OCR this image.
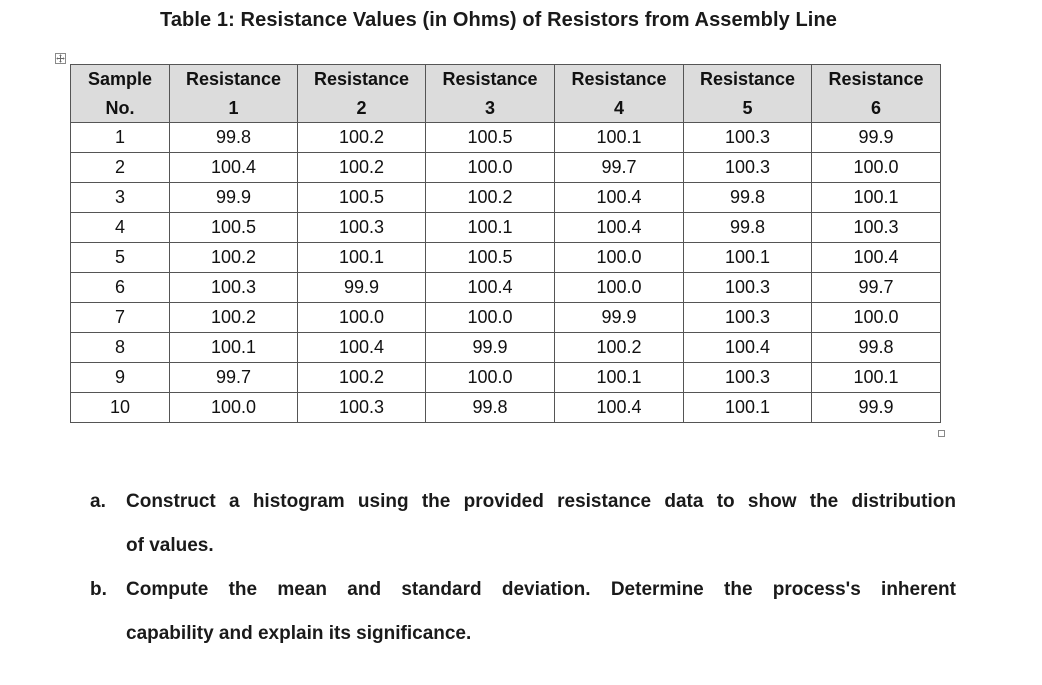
Table 1: Resistance Values (in Ohms) of Resistors from Assembly Line
Sample	Resistance	Resistance	Resistance	Resistance	Resistance	Resistance
No.	1	2	3	4	5	6
1	99.8	100.2	100.5	100.1	100.3	99.9
2	100.4	100.2	100.0	99.7	100.3	100.0
3	99.9	100.5	100.2	100.4	99.8	100.1
4	100.5	100.3	100.1	100.4	99.8	100.3
5	100.2	100.1	100.5	100.0	100.1	100.4
6	100.3	99.9	100.4	100.0	100.3	99.7
7	100.2	100.0	100.0	99.9	100.3	100.0
8	100.1	100.4	99.9	100.2	100.4	99.8
9	99.7	100.2	100.0	100.1	100.3	100.1
10	100.0	100.3	99.8	100.4	100.1	99.9
a. Construct a histogram using the provided resistance data to show the distribution
of values.
b. Compute the mean and standard deviation. Determine the process's inherent
capability and explain its significance.
